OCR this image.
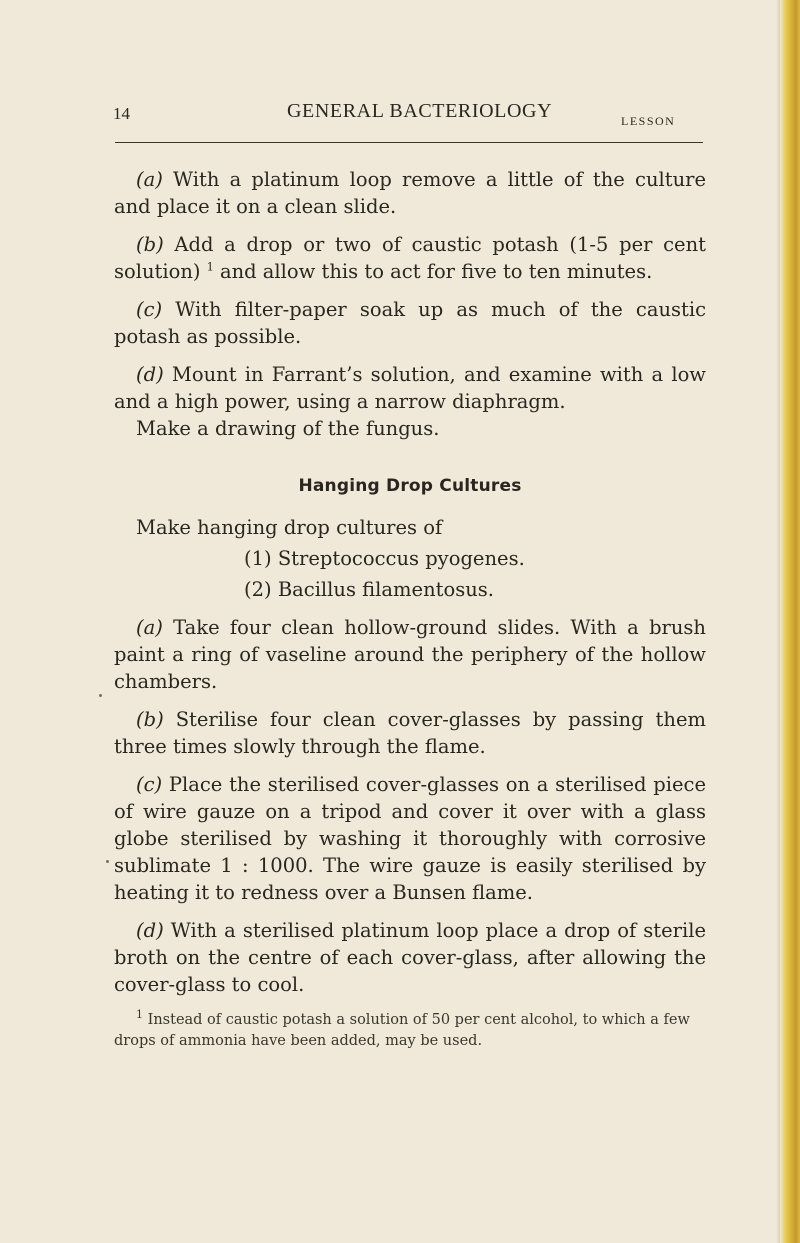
14	GENERAL BACTERIOLOGY	LESSON

(a) With a platinum loop remove a little of the culture and place it on a clean slide.

(b) Add a drop or two of caustic potash (1-5 per cent solution) $^1$ and allow this to act for five to ten minutes.

(c) With filter-paper soak up as much of the caustic potash as possible.

(d) Mount in Farrant’s solution, and examine with a low and a high power, using a narrow diaphragm.

Make a drawing of the fungus.

Hanging Drop Cultures

Make hanging drop cultures of

(1) Streptococcus pyogenes.

(2) Bacillus filamentosus.

(a) Take four clean hollow-ground slides. With a brush paint a ring of vaseline around the periphery of the hollow chambers.

(b) Sterilise four clean cover-glasses by passing them three times slowly through the flame.

(c) Place the sterilised cover-glasses on a sterilised piece of wire gauze on a tripod and cover it over with a glass globe sterilised by washing it thoroughly with corrosive sublimate 1 : 1000. The wire gauze is easily sterilised by heating it to redness over a Bunsen flame.

(d) With a sterilised platinum loop place a drop of sterile broth on the centre of each cover-glass, after allowing the cover-glass to cool.

$^1$ Instead of caustic potash a solution of 50 per cent alcohol, to which a few drops of ammonia have been added, may be used.
